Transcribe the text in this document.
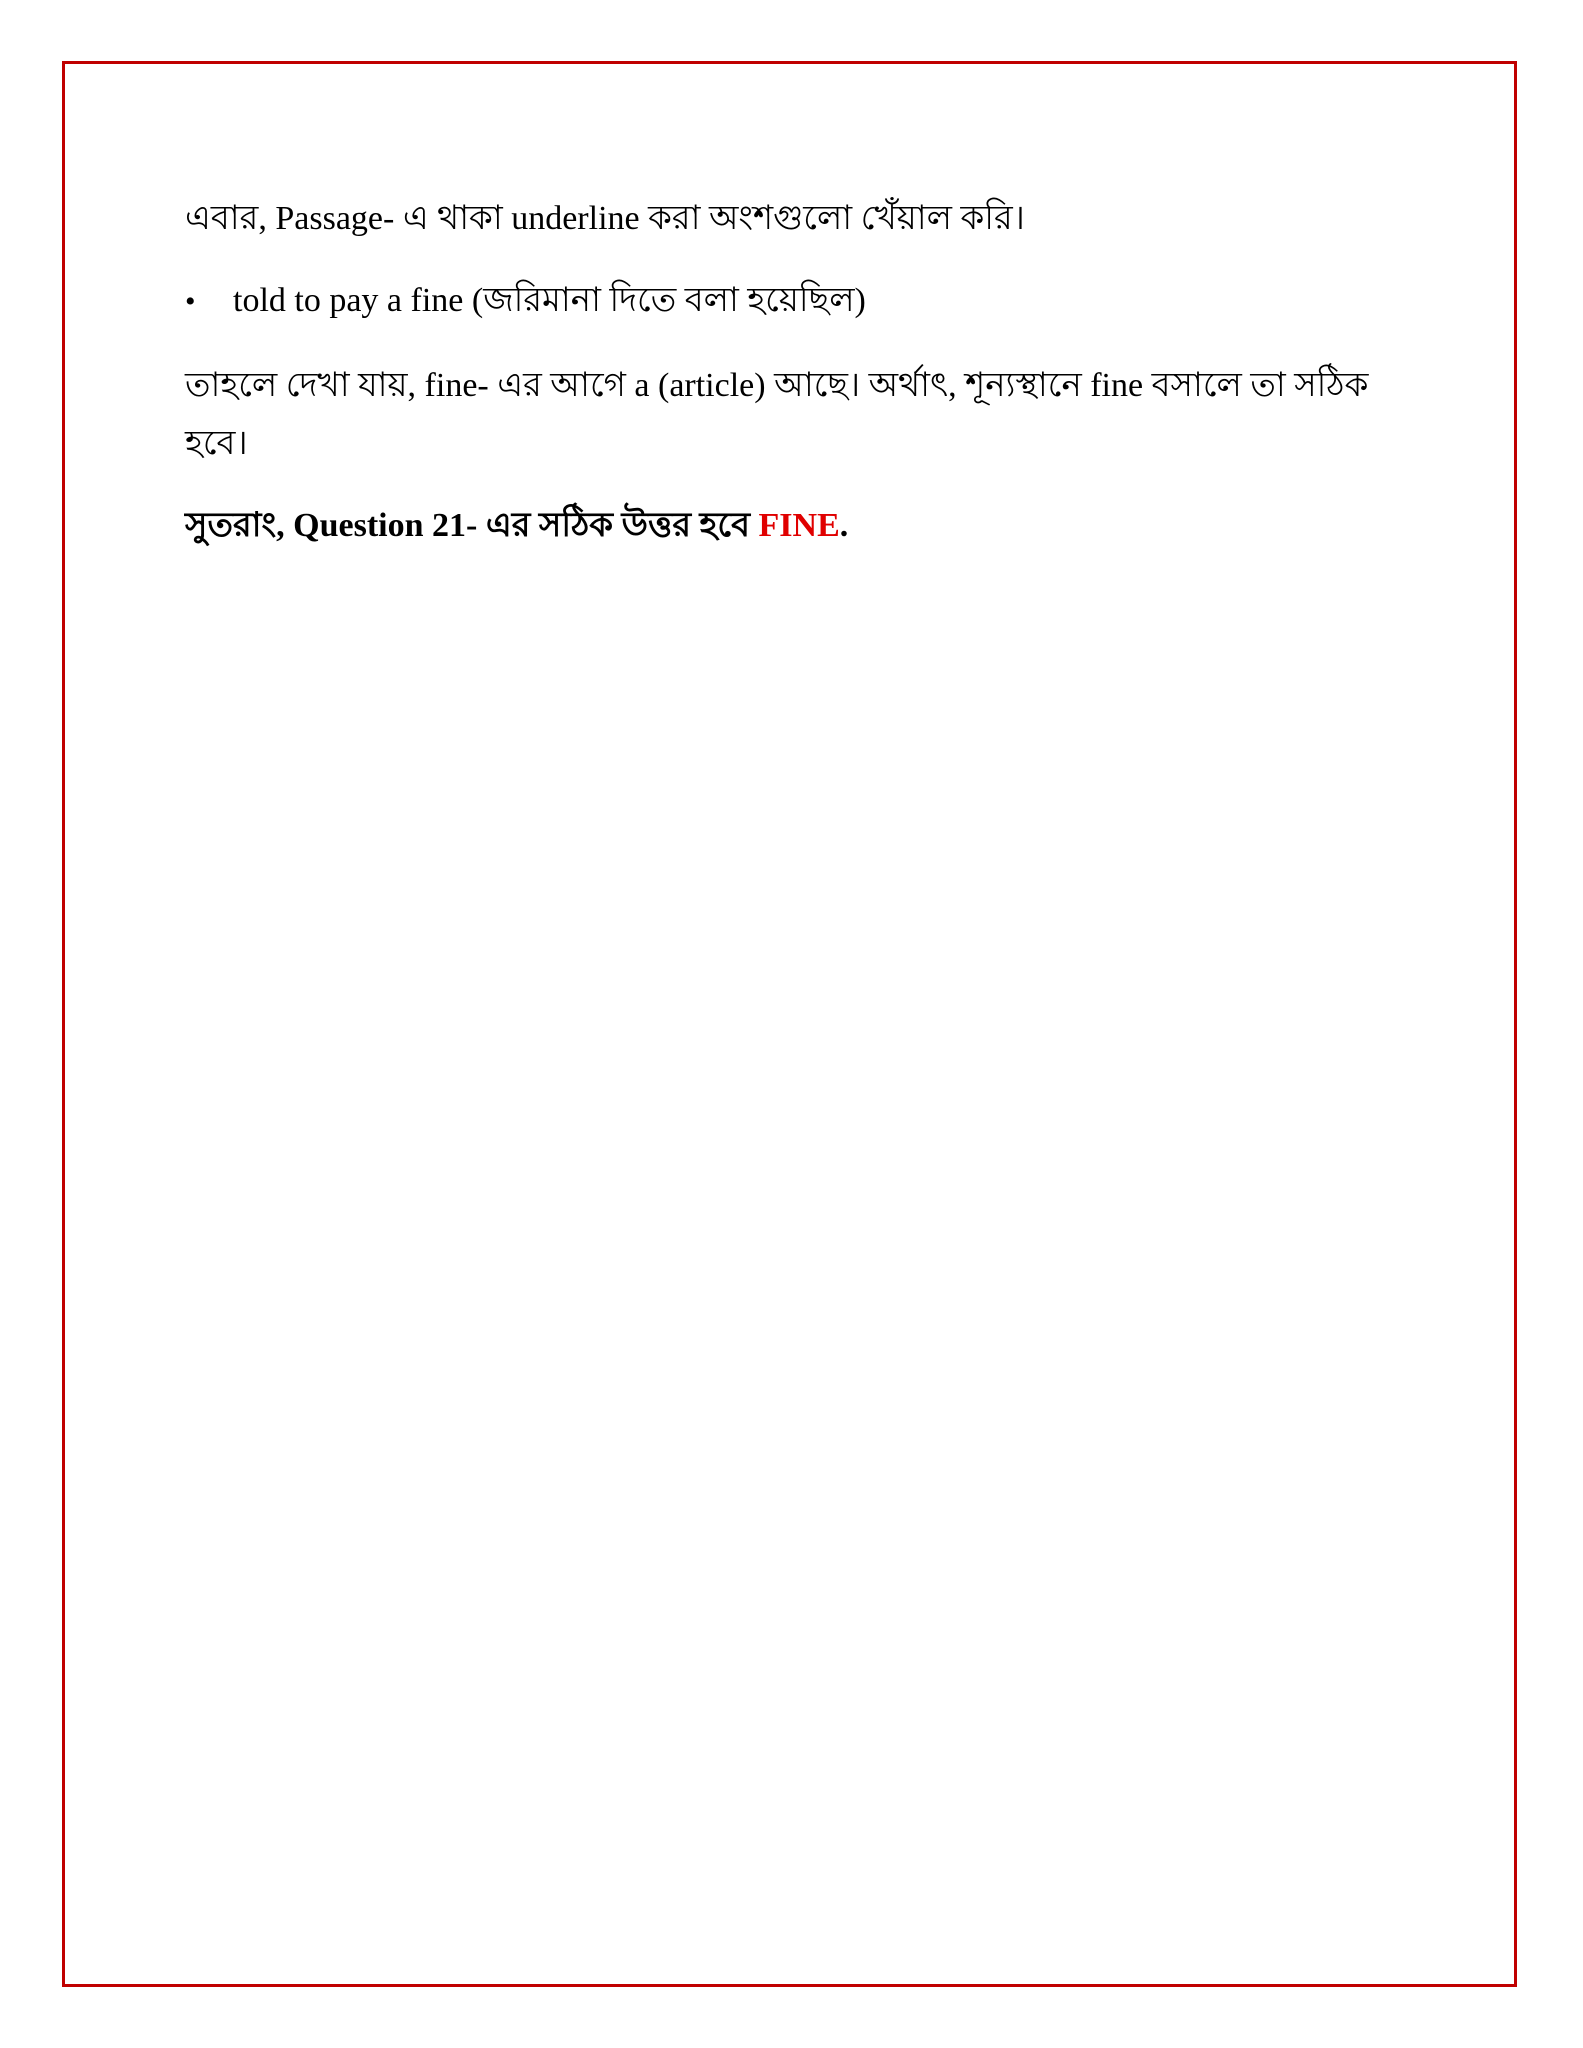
এবার, Passage- এ থাকা underline করা অংশগুলো খেঁয়াল করি।

•	told to pay a fine (জরিমানা দিতে বলা হয়েছিল)

তাহলে দেখা যায়, fine- এর আগে a (article) আছে। অর্থাৎ, শূন্যস্থানে fine বসালে তা সঠিক
হবে।

সুতরাং, Question 21- এর সঠিক উত্তর হবে FINE.
